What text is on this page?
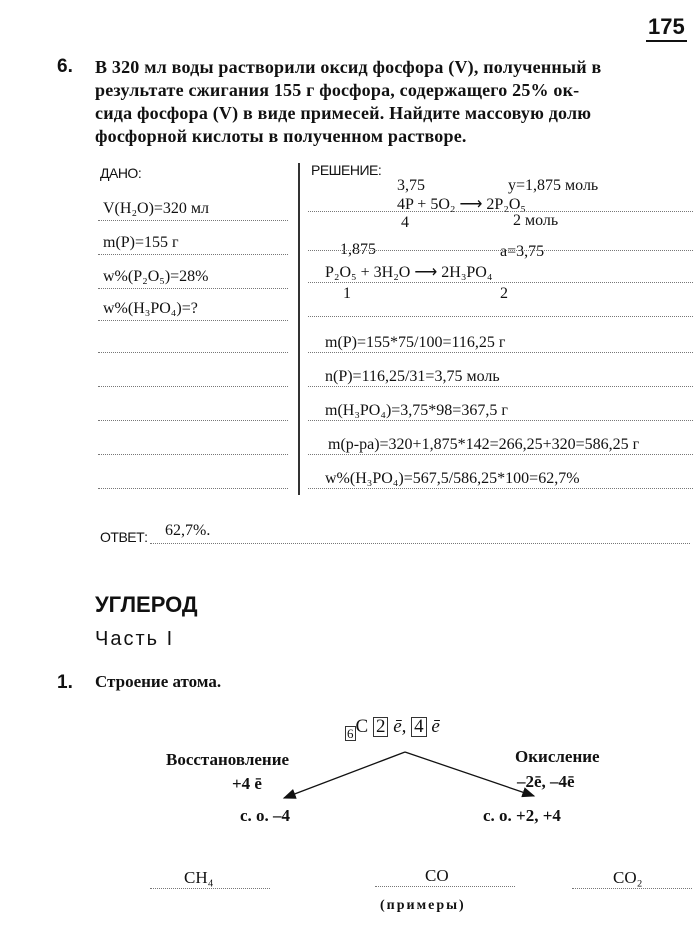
175
6. В 320 мл воды растворили оксид фосфора (V), полученный в
результате сжигания 155 г фосфора, содержащего 25% ок-
сида фосфора (V) в виде примесей. Найдите массовую долю
фосфорной кислоты в полученном растворе.
ДАНО:
V(H₂O)=320 мл
m(P)=155 г
w%(P₂O₅)=28%
w%(H₃PO₄)=?
РЕШЕНИЕ:
3,75	y=1,875 моль
4P + 5O₂ ⟶ 2P₂O₅
4	2 моль
1,875	a=3,75
P₂O₅ + 3H₂O ⟶ 2H₃PO₄
1	2
m(P)=155*75/100=116,25 г
n(P)=116,25/31=3,75 моль
m(H₃PO₄)=3,75*98=367,5 г
m(р-ра)=320+1,875*142=266,25+320=586,25 г
w%(H₃PO₄)=567,5/586,25*100=62,7%
ОТВЕТ: 62,7%.
УГЛЕРОД
Часть I
1. Строение атома.
6 C 2 ē, 4 ē
Восстановление
+4 ē
с. о. –4
Окисление
–2ē, –4ē
с. о. +2, +4
CH₄	CO	CO₂
(примеры)
